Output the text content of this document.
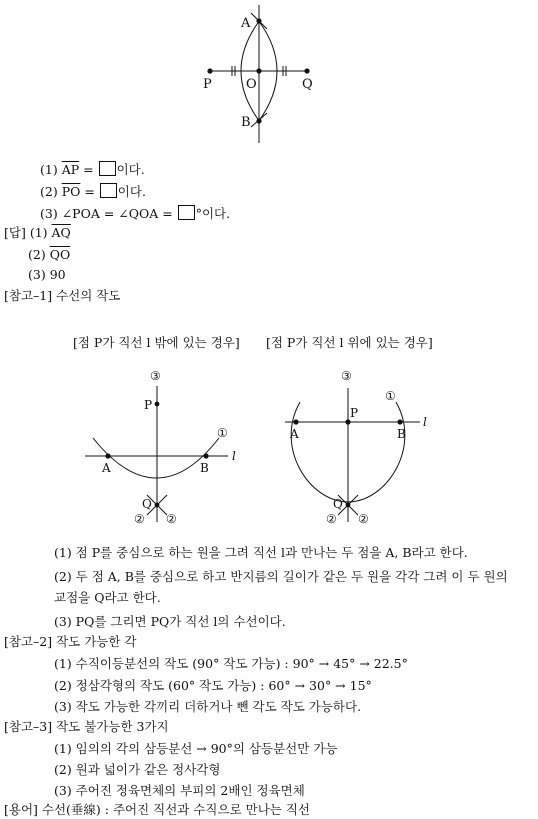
A
B
O
P	Q
(1) $\overline{AP}$ = 이다.
(2) $\overline{PO}$ = 이다.
(3) ∠POA = ∠QOA = °이다.
[답] (1) $\overline{AQ}$
(2) $\overline{QO}$
(3) 90
[참고–1] 수선의 작도
[점 P가 직선 l 밖에 있는 경우] [점 P가 직선 l 위에 있는 경우]
③
P
①
l
A	B
Q
② ②
③
P
①
l
A	B
Q
② ②
(1) 점 P를 중심으로 하는 원을 그려 직선 l과 만나는 두 점을 A, B라고 한다.
(2) 두 점 A, B를 중심으로 하고 반지름의 길이가 같은 두 원을 각각 그려 이 두 원의
교점을 Q라고 한다.
(3) PQ를 그리면 PQ가 직선 l의 수선이다.
[참고–2] 작도 가능한 각
(1) 수직이등분선의 작도 (90° 작도 가능) : 90° → 45° → 22.5°
(2) 정삼각형의 작도 (60° 작도 가능) : 60° → 30° → 15°
(3) 작도 가능한 각끼리 더하거나 뺀 각도 작도 가능하다.
[참고–3] 작도 불가능한 3가지
(1) 임의의 각의 삼등분선 → 90°의 삼등분선만 가능
(2) 원과 넓이가 같은 정사각형
(3) 주어진 정육면체의 부피의 2배인 정육면체
[용어] 수선(垂線) : 주어진 직선과 수직으로 만나는 직선
